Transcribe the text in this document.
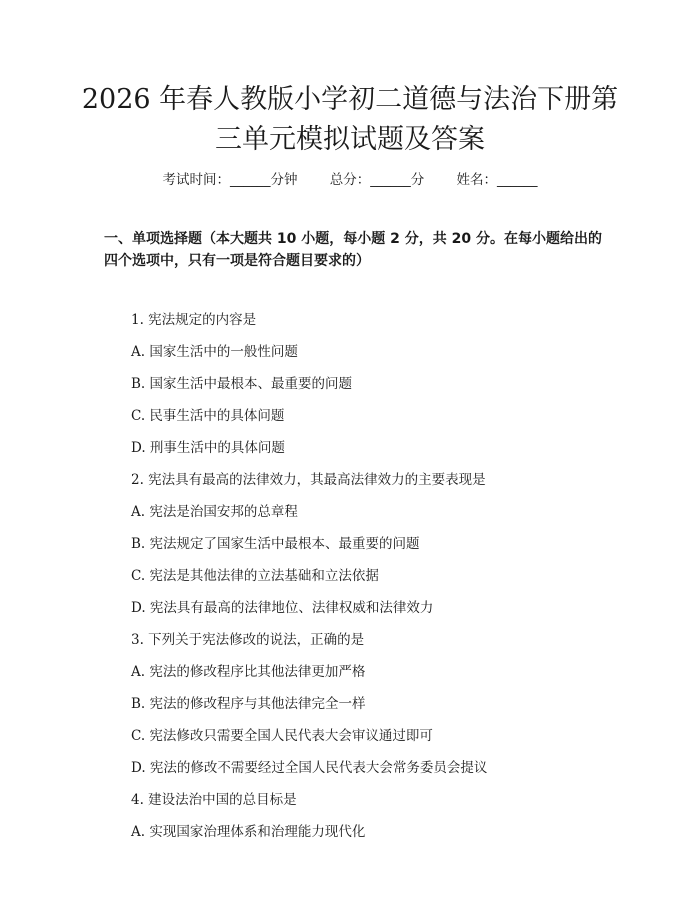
2026 年春人教版小学初二道德与法治下册第
三单元模拟试题及答案
考试时间：______分钟 总分：______分 姓名：______
一、单项选择题（本大题共 10 小题，每小题 2 分，共 20 分。在每小题给出的四个选项中，只有一项是符合题目要求的）
1. 宪法规定的内容是
A. 国家生活中的一般性问题
B. 国家生活中最根本、最重要的问题
C. 民事生活中的具体问题
D. 刑事生活中的具体问题
2. 宪法具有最高的法律效力，其最高法律效力的主要表现是
A. 宪法是治国安邦的总章程
B. 宪法规定了国家生活中最根本、最重要的问题
C. 宪法是其他法律的立法基础和立法依据
D. 宪法具有最高的法律地位、法律权威和法律效力
3. 下列关于宪法修改的说法，正确的是
A. 宪法的修改程序比其他法律更加严格
B. 宪法的修改程序与其他法律完全一样
C. 宪法修改只需要全国人民代表大会审议通过即可
D. 宪法的修改不需要经过全国人民代表大会常务委员会提议
4. 建设法治中国的总目标是
A. 实现国家治理体系和治理能力现代化
